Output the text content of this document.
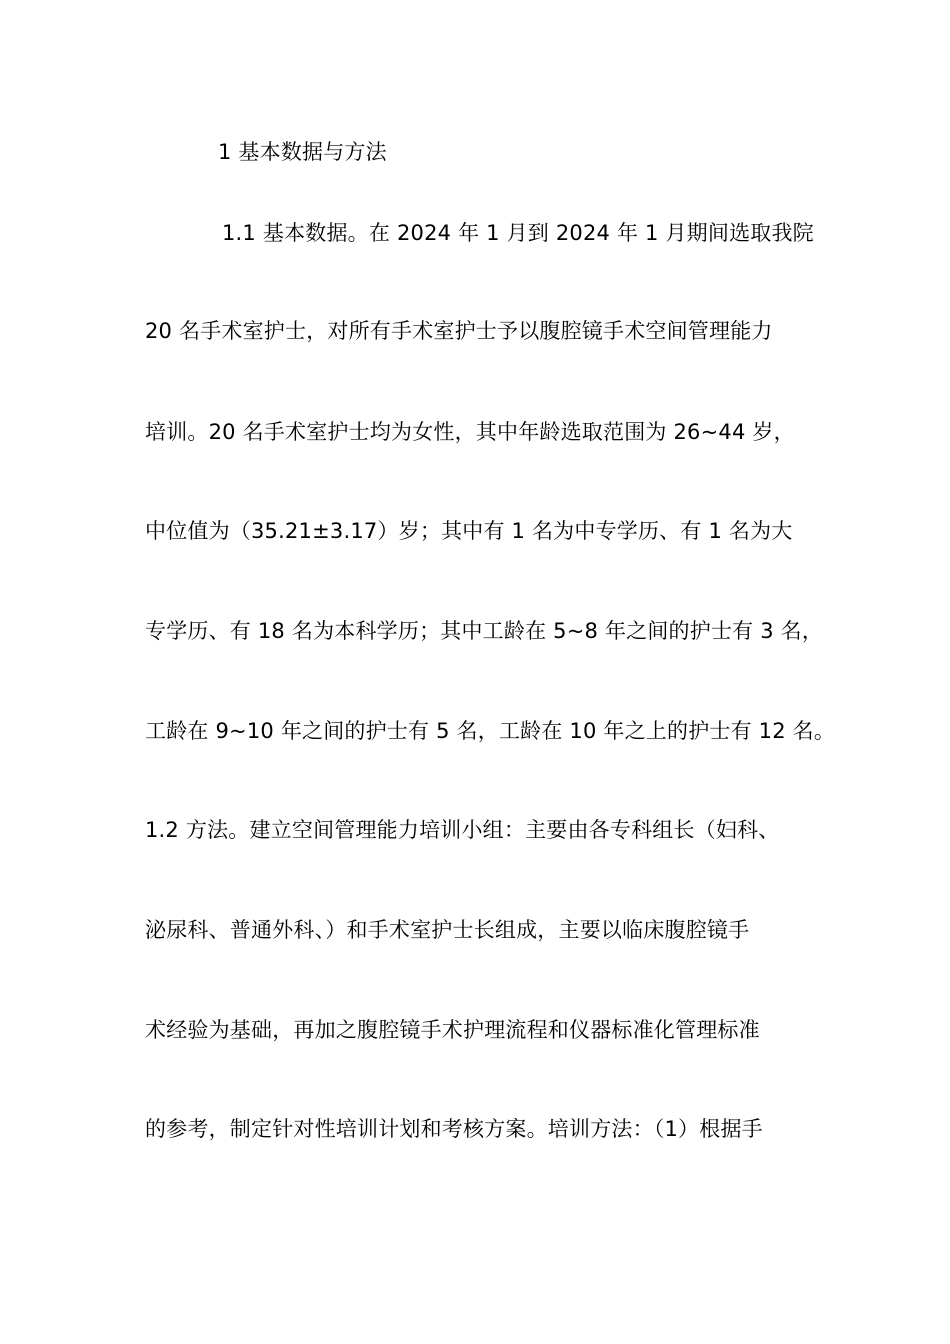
1 基本数据与方法
1.1 基本数据。在 2024 年 1 月到 2024 年 1 月期间选取我院
20 名手术室护士，对所有手术室护士予以腹腔镜手术空间管理能力
培训。20 名手术室护士均为女性，其中年龄选取范围为 26~44 岁，
中位值为（35.21±3.17）岁；其中有 1 名为中专学历、有 1 名为大
专学历、有 18 名为本科学历；其中工龄在 5~8 年之间的护士有 3 名，
工龄在 9~10 年之间的护士有 5 名，工龄在 10 年之上的护士有 12 名。
1.2 方法。建立空间管理能力培训小组：主要由各专科组长（妇科、
泌尿科、普通外科、）和手术室护士长组成，主要以临床腹腔镜手
术经验为基础，再加之腹腔镜手术护理流程和仪器标准化管理标准
的参考，制定针对性培训计划和考核方案。培训方法：（1）根据手
